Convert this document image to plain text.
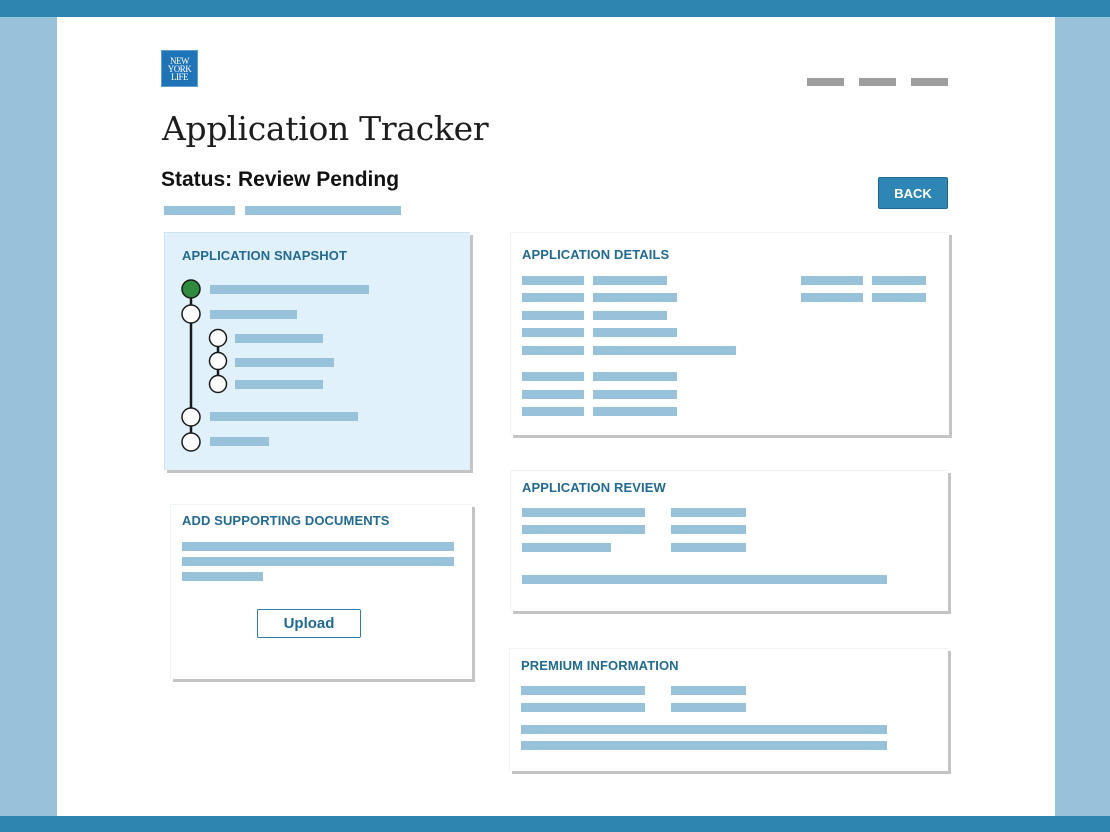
NEW
YORK
LIFE
Application Tracker
Status: Review Pending
BACK
APPLICATION SNAPSHOT
ADD SUPPORTING DOCUMENTS
Upload
APPLICATION DETAILS
APPLICATION REVIEW
PREMIUM INFORMATION
